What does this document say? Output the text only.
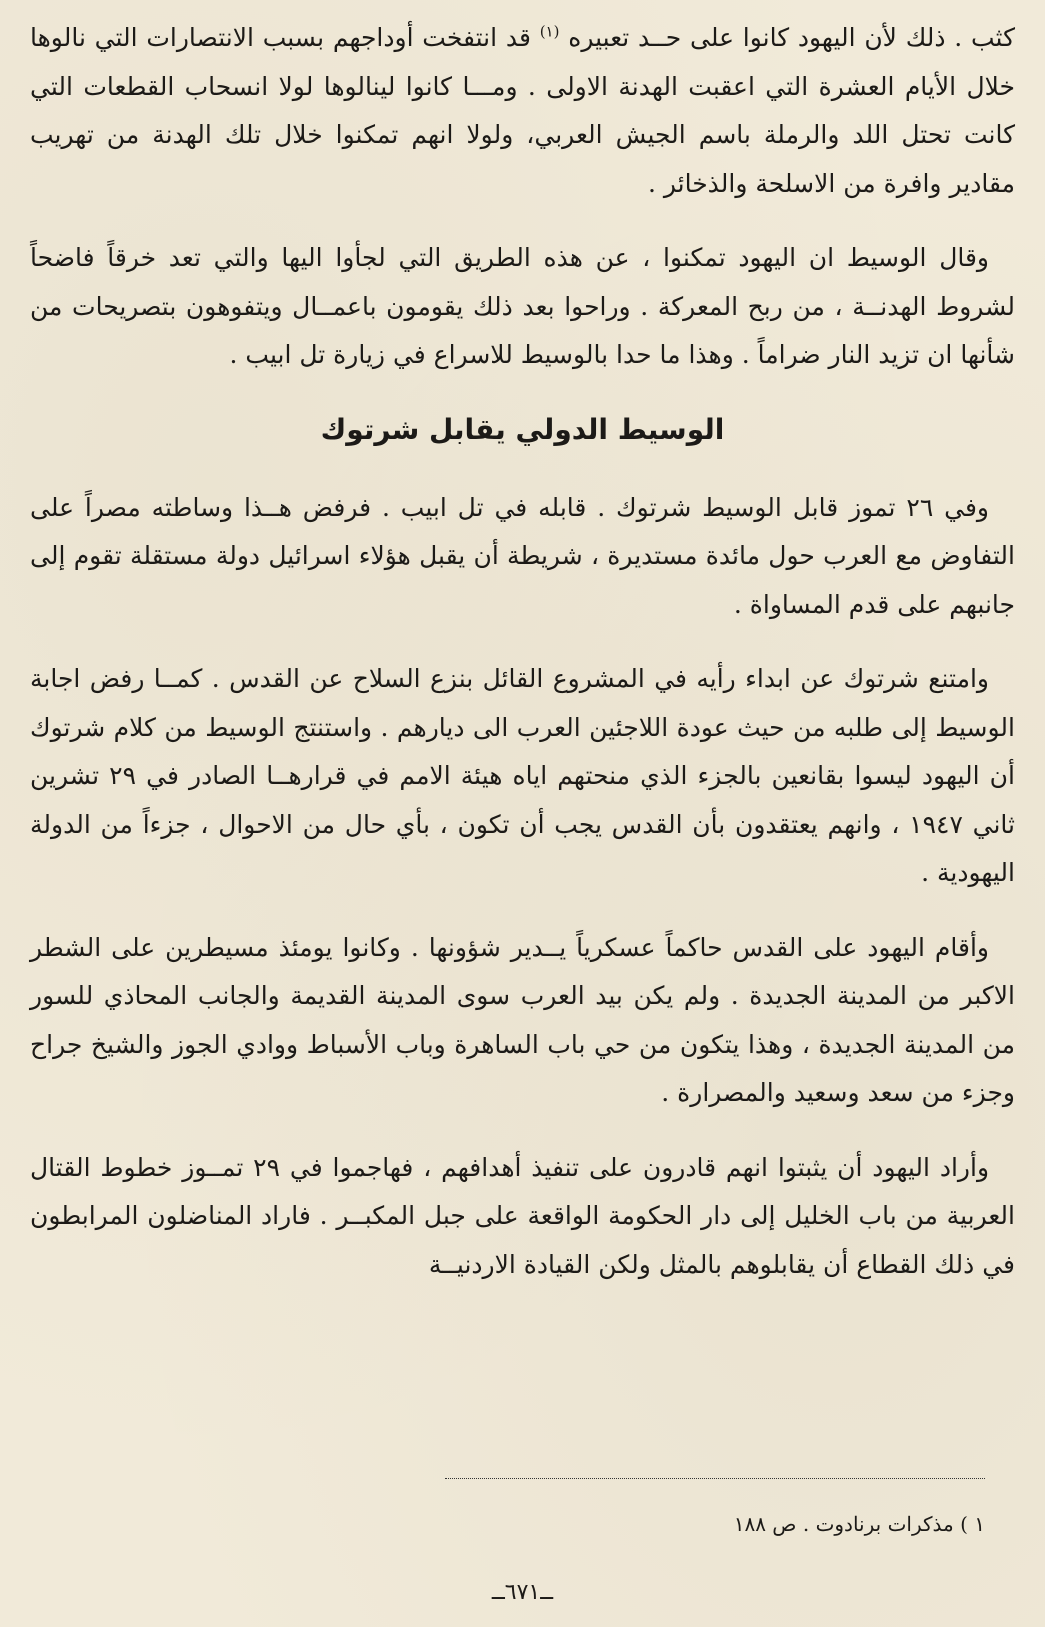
كثب . ذلك لأن اليهود كانوا على حــد تعبيره $^{(١)}$ قد انتفخت أوداجهم بسبب الانتصارات التي نالوها خلال الأيام العشرة التي اعقبت الهدنة الاولى . ومـــا كانوا لينالوها لولا انسحاب القطعات التي كانت تحتل اللد والرملة باسم الجيش العربي، ولولا انهم تمكنوا خلال تلك الهدنة من تهريب مقادير وافرة من الاسلحة والذخائر .

وقال الوسيط ان اليهود تمكنوا ، عن هذه الطريق التي لجأوا اليها والتي تعد خرقاً فاضحاً لشروط الهدنــة ، من ربح المعركة . وراحوا بعد ذلك يقومون باعمــال ويتفوهون بتصريحات من شأنها ان تزيد النار ضراماً . وهذا ما حدا بالوسيط للاسراع في زيارة تل ابيب .

الوسيط الدولي يقابل شرتوك

وفي ٢٦ تموز قابل الوسيط شرتوك . قابله في تل ابيب . فرفض هــذا وساطته مصراً على التفاوض مع العرب حول مائدة مستديرة ، شريطة أن يقبل هؤلاء اسرائيل دولة مستقلة تقوم إلى جانبهم على قدم المساواة .

وامتنع شرتوك عن ابداء رأيه في المشروع القائل بنزع السلاح عن القدس . كمــا رفض اجابة الوسيط إلى طلبه من حيث عودة اللاجئين العرب الى ديارهم . واستنتج الوسيط من كلام شرتوك أن اليهود ليسوا بقانعين بالجزء الذي منحتهم اياه هيئة الامم في قرارهــا الصادر في ٢٩ تشرين ثاني ١٩٤٧ ، وانهم يعتقدون بأن القدس يجب أن تكون ، بأي حال من الاحوال ، جزءاً من الدولة اليهودية .

وأقام اليهود على القدس حاكماً عسكرياً يــدير شؤونها . وكانوا يومئذ مسيطرين على الشطر الاكبر من المدينة الجديدة . ولم يكن بيد العرب سوى المدينة القديمة والجانب المحاذي للسور من المدينة الجديدة ، وهذا يتكون من حي باب الساهرة وباب الأسباط ووادي الجوز والشيخ جراح وجزء من سعد وسعيد والمصرارة .

وأراد اليهود أن يثبتوا انهم قادرون على تنفيذ أهدافهم ، فهاجموا في ٢٩ تمــوز خطوط القتال العربية من باب الخليل إلى دار الحكومة الواقعة على جبل المكبــر . فاراد المناضلون المرابطون في ذلك القطاع أن يقابلوهم بالمثل ولكن القيادة الاردنيــة

١ ) مذكرات برنادوت . ص ١٨٨
ــ٦٧١ــ
